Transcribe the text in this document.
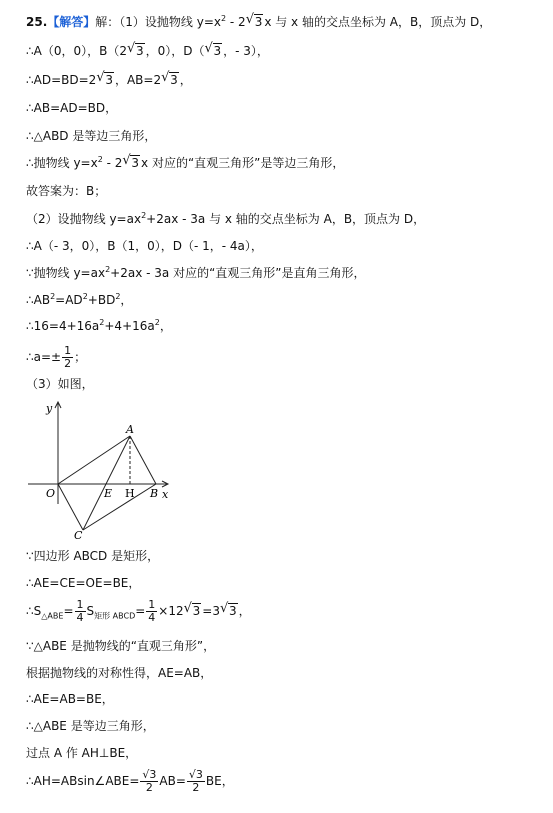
25.【解答】解：（1）设抛物线 $y=x^2 - 2√$ 3 x 与 x 轴的交点坐标为 A，B，顶点为 D，
∴A（0，0），B（2√ 3 ，0），D（√ 3 ，- 3），
∴AD=BD=2√ 3 ，AB=2√ 3 ，
∴AB=AD=BD，
∴△ABD 是等边三角形，
∴抛物线 $y=x^2 - 2√$ 3 x 对应的“直观三角形”是等边三角形，
故答案为：B；
（2）设抛物线 $y=ax^2+2ax - 3a$ 与 x 轴的交点坐标为 A，B，顶点为 D，
∴A（- 3，0），B（1，0），D（- 1，- 4a），
∵抛物线 $y=ax^2+2ax - 3a$ 对应的“直观三角形”是直角三角形，
$\therefore AB^2=AD^2+BD^2$，
$\therefore 16=4+16a^2+4+16a^2$，
∴a=± $\frac{1}{2}$ ；
（3）如图，
y
x
O
A
E H B
C
∵四边形 ABCD 是矩形，
∴AE=CE=OE=BE，
$\therefore S_{\triangle ABE}= \frac{1}{4} S_{矩形 ABCD}= \frac{1}{4} \times 12√$ 3 =3√ 3 ，
∵△ABE 是抛物线的“直观三角形”，
根据抛物线的对称性得，AE=AB，
∴AE=AB=BE，
∴△ABE 是等边三角形，
过点 A 作 AH⊥BE，
∴AH=ABsin∠ABE= $\frac{√3}{2} AB= \frac{√3}{2}$ BE，
